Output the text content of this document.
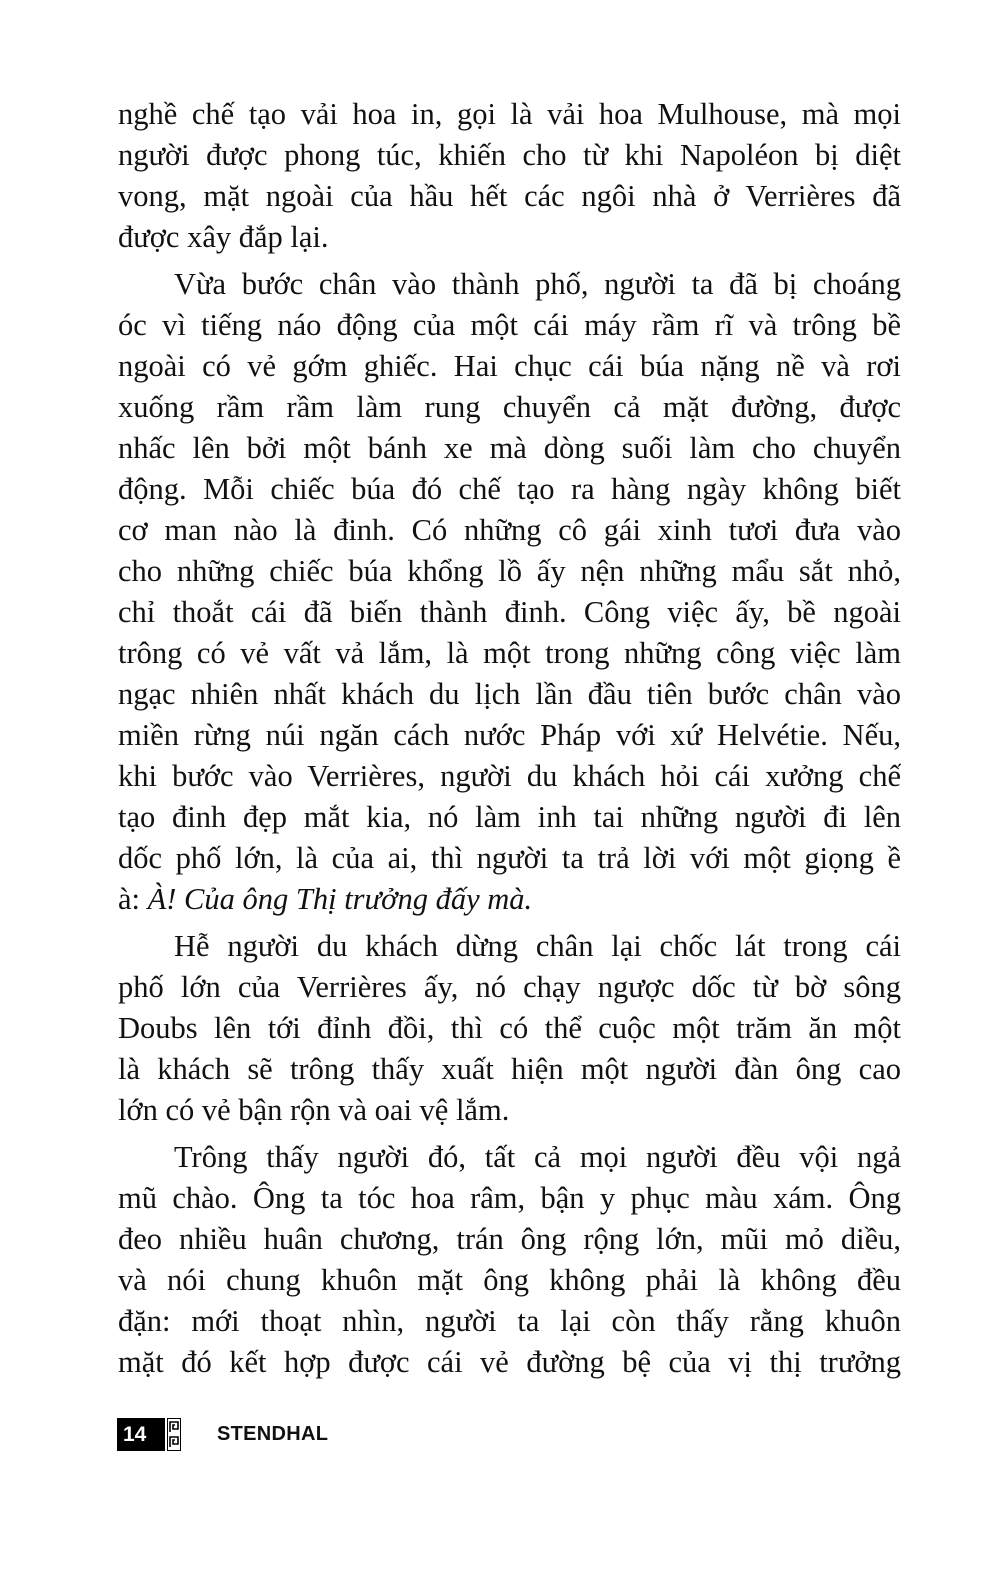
nghề chế tạo vải hoa in, gọi là vải hoa Mulhouse, mà mọi
người được phong túc, khiến cho từ khi Napoléon bị diệt
vong, mặt ngoài của hầu hết các ngôi nhà ở Verrières đã
được xây đắp lại.
Vừa bước chân vào thành phố, người ta đã bị choáng
óc vì tiếng náo động của một cái máy rầm rĩ và trông bề
ngoài có vẻ gớm ghiếc. Hai chục cái búa nặng nề và rơi
xuống rầm rầm làm rung chuyển cả mặt đường, được
nhấc lên bởi một bánh xe mà dòng suối làm cho chuyển
động. Mỗi chiếc búa đó chế tạo ra hàng ngày không biết
cơ man nào là đinh. Có những cô gái xinh tươi đưa vào
cho những chiếc búa khổng lồ ấy nện những mẩu sắt nhỏ,
chỉ thoắt cái đã biến thành đinh. Công việc ấy, bề ngoài
trông có vẻ vất vả lắm, là một trong những công việc làm
ngạc nhiên nhất khách du lịch lần đầu tiên bước chân vào
miền rừng núi ngăn cách nước Pháp với xứ Helvétie. Nếu,
khi bước vào Verrières, người du khách hỏi cái xưởng chế
tạo đinh đẹp mắt kia, nó làm inh tai những người đi lên
dốc phố lớn, là của ai, thì người ta trả lời với một giọng ề
à: À! Của ông Thị trưởng đấy mà.
Hễ người du khách dừng chân lại chốc lát trong cái
phố lớn của Verrières ấy, nó chạy ngược dốc từ bờ sông
Doubs lên tới đỉnh đồi, thì có thể cuộc một trăm ăn một
là khách sẽ trông thấy xuất hiện một người đàn ông cao
lớn có vẻ bận rộn và oai vệ lắm.
Trông thấy người đó, tất cả mọi người đều vội ngả
mũ chào. Ông ta tóc hoa râm, bận y phục màu xám. Ông
đeo nhiều huân chương, trán ông rộng lớn, mũi mỏ diều,
và nói chung khuôn mặt ông không phải là không đều
đặn: mới thoạt nhìn, người ta lại còn thấy rằng khuôn
mặt đó kết hợp được cái vẻ đường bệ của vị thị trưởng
14	STENDHAL
